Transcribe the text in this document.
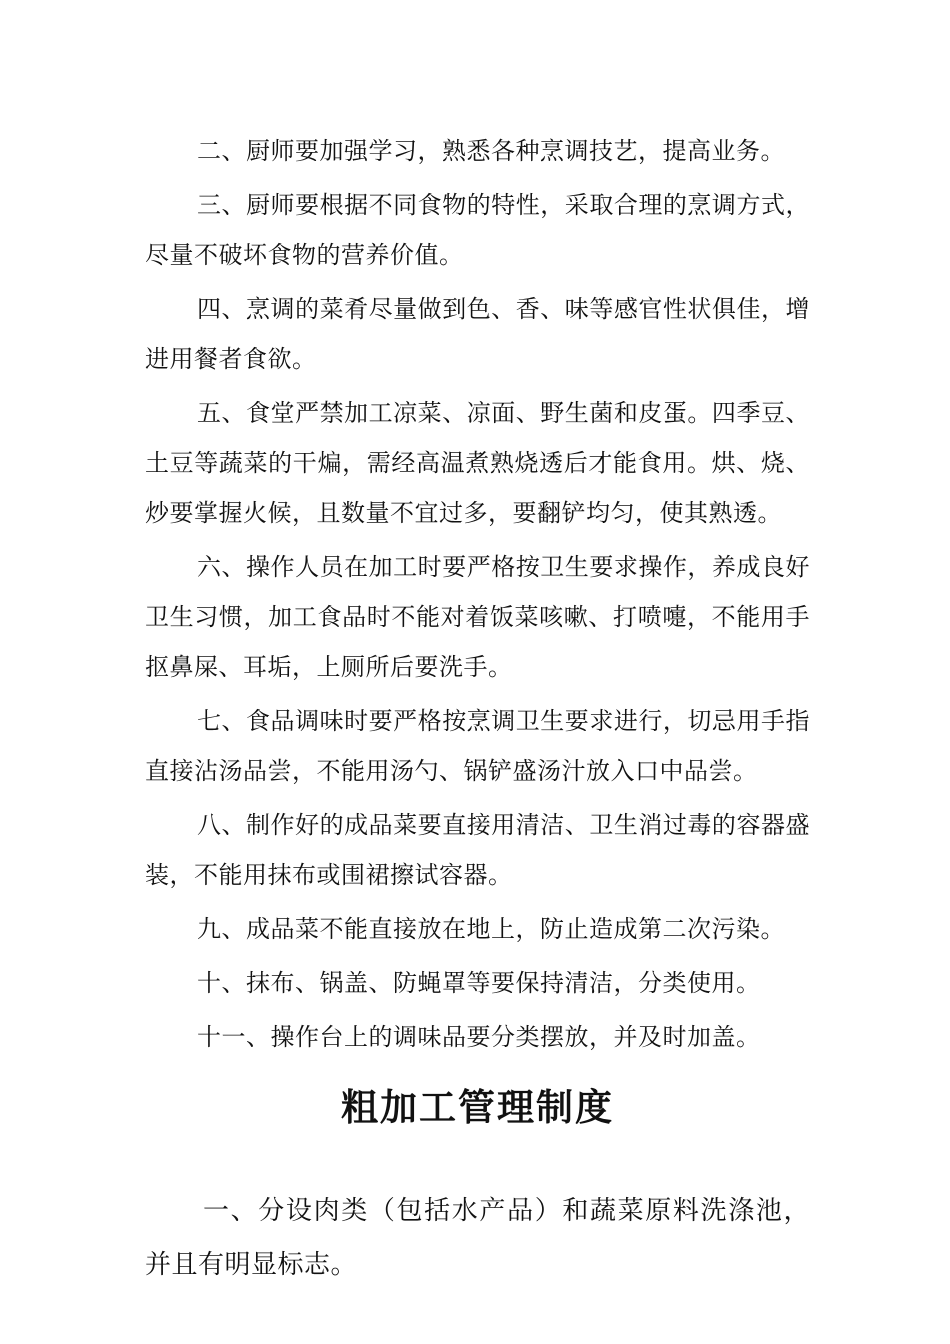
二、厨师要加强学习，熟悉各种烹调技艺，提高业务。

三、厨师要根据不同食物的特性，采取合理的烹调方式，尽量不破坏食物的营养价值。

四、烹调的菜肴尽量做到色、香、味等感官性状俱佳，增进用餐者食欲。

五、食堂严禁加工凉菜、凉面、野生菌和皮蛋。四季豆、土豆等蔬菜的干煸，需经高温煮熟烧透后才能食用。烘、烧、炒要掌握火候，且数量不宜过多，要翻铲均匀，使其熟透。

六、操作人员在加工时要严格按卫生要求操作，养成良好卫生习惯，加工食品时不能对着饭菜咳嗽、打喷嚏，不能用手抠鼻屎、耳垢，上厕所后要洗手。

七、食品调味时要严格按烹调卫生要求进行，切忌用手指直接沾汤品尝，不能用汤勺、锅铲盛汤汁放入口中品尝。

八、制作好的成品菜要直接用清洁、卫生消过毒的容器盛装，不能用抹布或围裙擦试容器。

九、成品菜不能直接放在地上，防止造成第二次污染。

十、抹布、锅盖、防蝇罩等要保持清洁，分类使用。

十一、操作台上的调味品要分类摆放，并及时加盖。

粗加工管理制度

一、分设肉类（包括水产品）和蔬菜原料洗涤池，并且有明显标志。
